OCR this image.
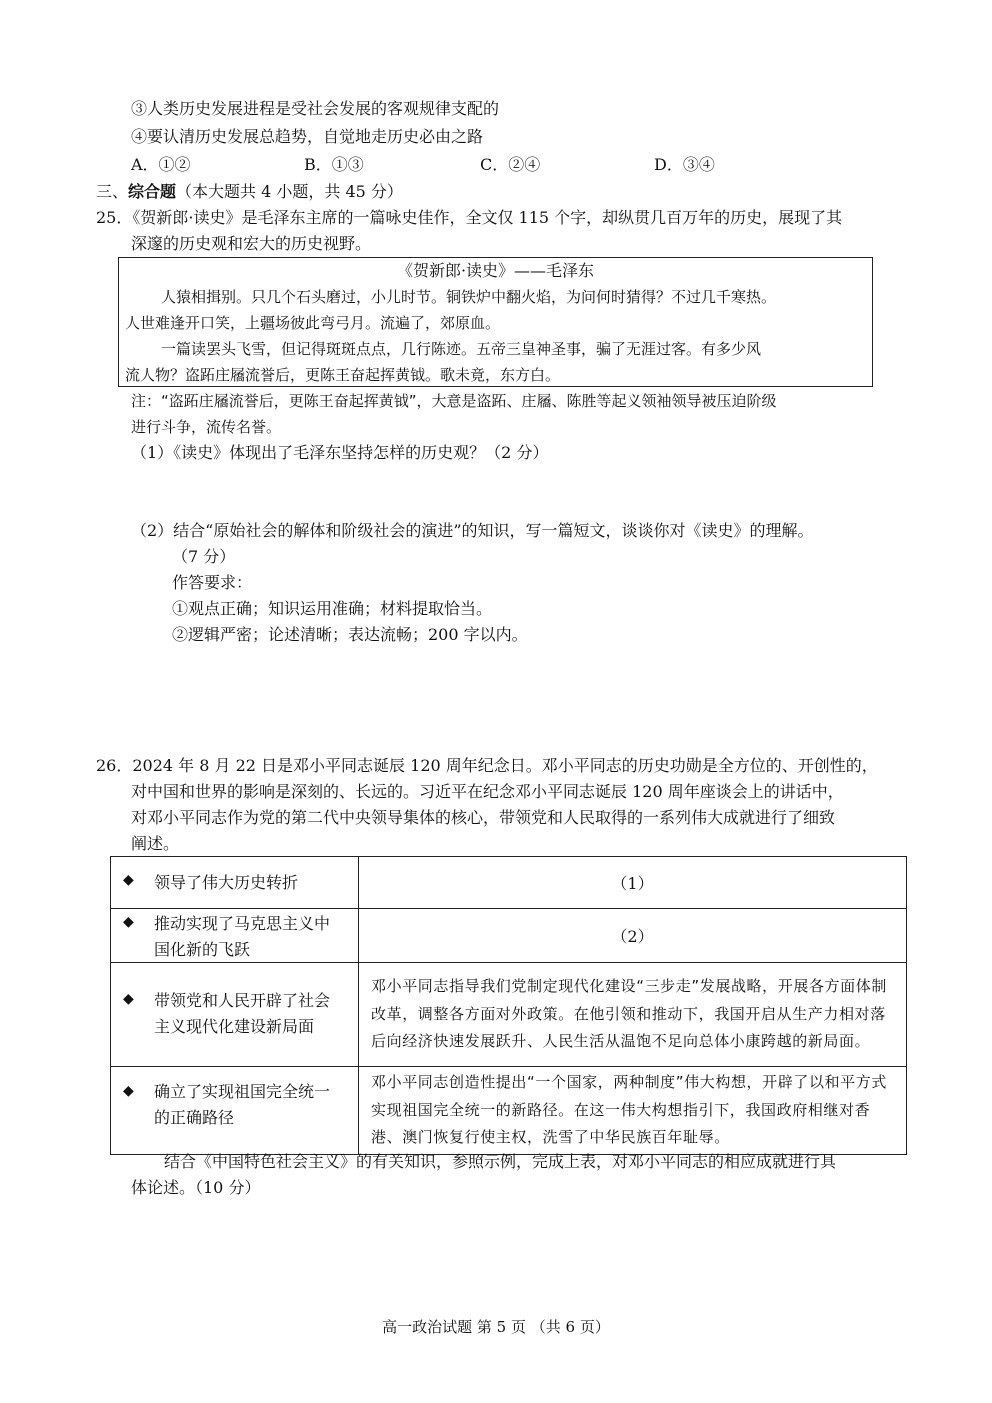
③人类历史发展进程是受社会发展的客观规律支配的
④要认清历史发展总趋势，自觉地走历史必由之路
A．①②	B．①③	C．②④	D．③④
三、综合题（本大题共 4 小题，共 45 分）
25．《贺新郎·读史》是毛泽东主席的一篇咏史佳作，全文仅 115 个字，却纵贯几百万年的历史，展现了其
深邃的历史观和宏大的历史视野。
《贺新郎·读史》——毛泽东
人猿相揖别。只几个石头磨过，小儿时节。铜铁炉中翻火焰，为问何时猜得？不过几千寒热。
人世难逢开口笑，上疆场彼此弯弓月。流遍了，郊原血。
一篇读罢头飞雪，但记得斑斑点点，几行陈迹。五帝三皇神圣事，骗了无涯过客。有多少风
流人物？盗跖庄屩流誉后，更陈王奋起挥黄钺。歌未竟，东方白。
注：“盗跖庄屩流誉后，更陈王奋起挥黄钺”，大意是盗跖、庄屩、陈胜等起义领袖领导被压迫阶级
进行斗争，流传名誉。
（1）《读史》体现出了毛泽东坚持怎样的历史观？（2 分）
（2）结合“原始社会的解体和阶级社会的演进”的知识，写一篇短文，谈谈你对《读史》的理解。
（7 分）
作答要求：
①观点正确；知识运用准确；材料提取恰当。
②逻辑严密；论述清晰；表达流畅；200 字以内。
26．2024 年 8 月 22 日是邓小平同志诞辰 120 周年纪念日。邓小平同志的历史功勋是全方位的、开创性的，
对中国和世界的影响是深刻的、长远的。习近平在纪念邓小平同志诞辰 120 周年座谈会上的讲话中，
对邓小平同志作为党的第二代中央领导集体的核心，带领党和人民取得的一系列伟大成就进行了细致
阐述。
◆ 领导了伟大历史转折	（1）

◆ 推动实现了马克思主义中
国化新的飞跃	（2）

◆ 带领党和人民开辟了社会
主义现代化建设新局面	邓小平同志指导我们党制定现代化建设“三步走”发展战略，开展各方面体制改革，调整各方面对外政策。在他引领和推动下，我国开启从生产力相对落后向经济快速发展跃升、人民生活从温饱不足向总体小康跨越的新局面。

◆ 确立了实现祖国完全统一
的正确路径	邓小平同志创造性提出“一个国家，两种制度”伟大构想，开辟了以和平方式实现祖国完全统一的新路径。在这一伟大构想指引下，我国政府相继对香港、澳门恢复行使主权，洗雪了中华民族百年耻辱。
结合《中国特色社会主义》的有关知识，参照示例，完成上表，对邓小平同志的相应成就进行具
体论述。（10 分）
高一政治试题 第 5 页 （共 6 页）
